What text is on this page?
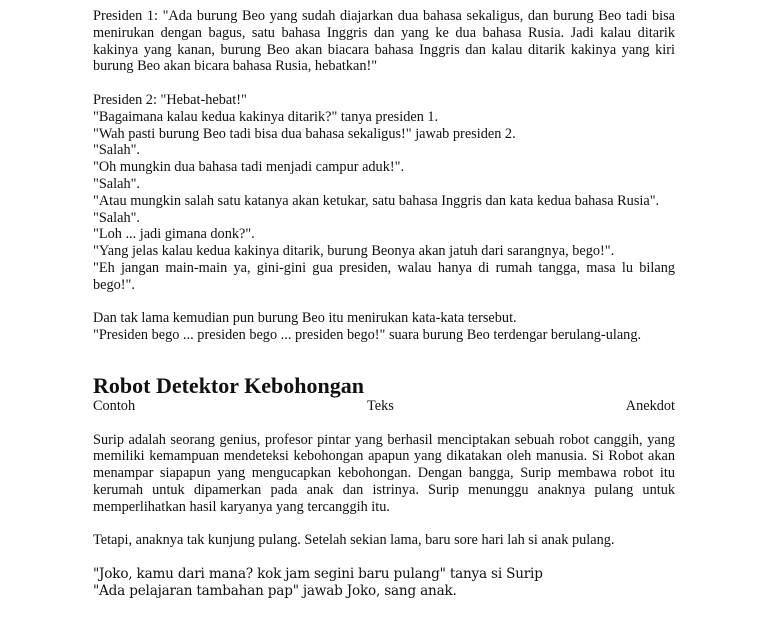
Presiden 1: "Ada burung Beo yang sudah diajarkan dua bahasa sekaligus, dan burung Beo tadi bisa menirukan dengan bagus, satu bahasa Inggris dan yang ke dua bahasa Rusia. Jadi kalau ditarik kakinya yang kanan, burung Beo akan biacara bahasa Inggris dan kalau ditarik kakinya yang kiri burung Beo akan bicara bahasa Rusia, hebatkan!"

Presiden 2: "Hebat-hebat!"
"Bagaimana kalau kedua kakinya ditarik?" tanya presiden 1.
"Wah pasti burung Beo tadi bisa dua bahasa sekaligus!" jawab presiden 2.
"Salah".
"Oh mungkin dua bahasa tadi menjadi campur aduk!".
"Salah".
"Atau mungkin salah satu katanya akan ketukar, satu bahasa Inggris dan kata kedua bahasa Rusia".
"Salah".
"Loh ... jadi gimana donk?".
"Yang jelas kalau kedua kakinya ditarik, burung Beonya akan jatuh dari sarangnya, bego!".
"Eh jangan main-main ya, gini-gini gua presiden, walau hanya di rumah tangga, masa lu bilang bego!".
Dan tak lama kemudian pun burung Beo itu menirukan kata-kata tersebut.
"Presiden bego ... presiden bego ... presiden bego!" suara burung Beo terdengar berulang-ulang.
Robot Detektor Kebohongan
Contoh	Teks	Anekdot

Surip adalah seorang genius, profesor pintar yang berhasil menciptakan sebuah robot canggih, yang memiliki kemampuan mendeteksi kebohongan apapun yang dikatakan oleh manusia. Si Robot akan menampar siapapun yang mengucapkan kebohongan. Dengan bangga, Surip membawa robot itu kerumah untuk dipamerkan pada anak dan istrinya. Surip menunggu anaknya pulang untuk memperlihatkan hasil karyanya yang tercanggih itu.

Tetapi, anaknya tak kunjung pulang. Setelah sekian lama, baru sore hari lah si anak pulang.

"Joko, kamu dari mana? kok jam segini baru pulang" tanya si Surip
"Ada pelajaran tambahan pap" jawab Joko, sang anak.
